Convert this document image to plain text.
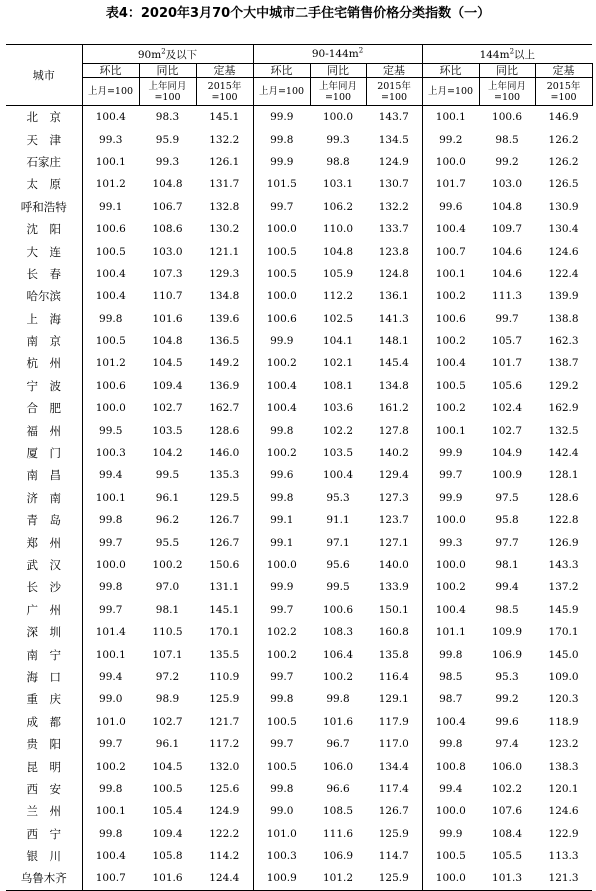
表4：2020年3月70个大中城市二手住宅销售价格分类指数（一）
城市	$90m^2$及以下			$90-144m^2$			$144m^2$以上		
	环比	同比	定基	环比	同比	定基	环比	同比	定基
	上月=100	上年同月=100	2015年=100	上月=100	上年同月=100	2015年=100	上月=100	上年同月=100	2015年=100
北　京	100.4	98.3	145.1	99.9	100.0	143.7	100.1	100.6	146.9
天　津	99.3	95.9	132.2	99.8	99.3	134.5	99.2	98.5	126.2
石家庄	100.1	99.3	126.1	99.9	98.8	124.9	100.0	99.2	126.2
太　原	101.2	104.8	131.7	101.5	103.1	130.7	101.7	103.0	126.5
呼和浩特	99.1	106.7	132.8	99.7	106.2	132.2	99.6	104.8	130.9
沈　阳	100.6	108.6	130.2	100.0	110.0	133.7	100.4	109.7	130.4
大　连	100.5	103.0	121.1	100.5	104.8	123.8	100.7	104.6	124.6
长　春	100.4	107.3	129.3	100.5	105.9	124.8	100.1	104.6	122.4
哈尔滨	100.4	110.7	134.8	100.0	112.2	136.1	100.2	111.3	139.9
上　海	99.8	101.6	139.6	100.6	102.5	141.3	100.6	99.7	138.8
南　京	100.5	104.8	136.5	99.9	104.1	148.1	100.2	105.7	162.3
杭　州	101.2	104.5	149.2	100.2	102.1	145.4	100.4	101.7	138.7
宁　波	100.6	109.4	136.9	100.4	108.1	134.8	100.5	105.6	129.2
合　肥	100.0	102.7	162.7	100.4	103.6	161.2	100.2	102.4	162.9
福　州	99.5	103.5	128.6	99.8	102.2	127.8	100.1	102.7	132.5
厦　门	100.3	104.2	146.0	100.2	103.5	140.2	99.9	104.9	142.4
南　昌	99.4	99.5	135.3	99.6	100.4	129.4	99.7	100.9	128.1
济　南	100.1	96.1	129.5	99.8	95.3	127.3	99.9	97.5	128.6
青　岛	99.8	96.2	126.7	99.1	91.1	123.7	100.0	95.8	122.8
郑　州	99.7	95.5	126.7	99.1	97.1	127.1	99.3	97.7	126.9
武　汉	100.0	100.2	150.6	100.0	95.6	140.0	100.0	98.1	143.3
长　沙	99.8	97.0	131.1	99.9	99.5	133.9	100.2	99.4	137.2
广　州	99.7	98.1	145.1	99.7	100.6	150.1	100.4	98.5	145.9
深　圳	101.4	110.5	170.1	102.2	108.3	160.8	101.1	109.9	170.1
南　宁	100.1	107.1	135.5	100.2	106.4	135.8	99.8	106.9	145.0
海　口	99.4	97.2	110.9	99.7	100.2	116.4	98.5	95.3	109.0
重　庆	99.0	98.9	125.9	99.8	99.8	129.1	98.7	99.2	120.3
成　都	101.0	102.7	121.7	100.5	101.6	117.9	100.4	99.6	118.9
贵　阳	99.7	96.1	117.2	99.7	96.7	117.0	99.8	97.4	123.2
昆　明	100.2	104.5	132.0	100.5	106.0	134.4	100.8	106.0	138.3
西　安	99.8	100.5	125.6	99.8	96.6	117.4	99.4	102.2	120.1
兰　州	100.1	105.4	124.9	99.0	108.5	126.7	100.0	107.6	124.6
西　宁	99.8	109.4	122.2	101.0	111.6	125.9	99.9	108.4	122.9
银　川	100.4	105.8	114.2	100.3	106.9	114.7	100.5	105.5	113.3
乌鲁木齐	100.7	101.6	124.4	100.9	101.2	125.9	100.0	101.3	121.3
